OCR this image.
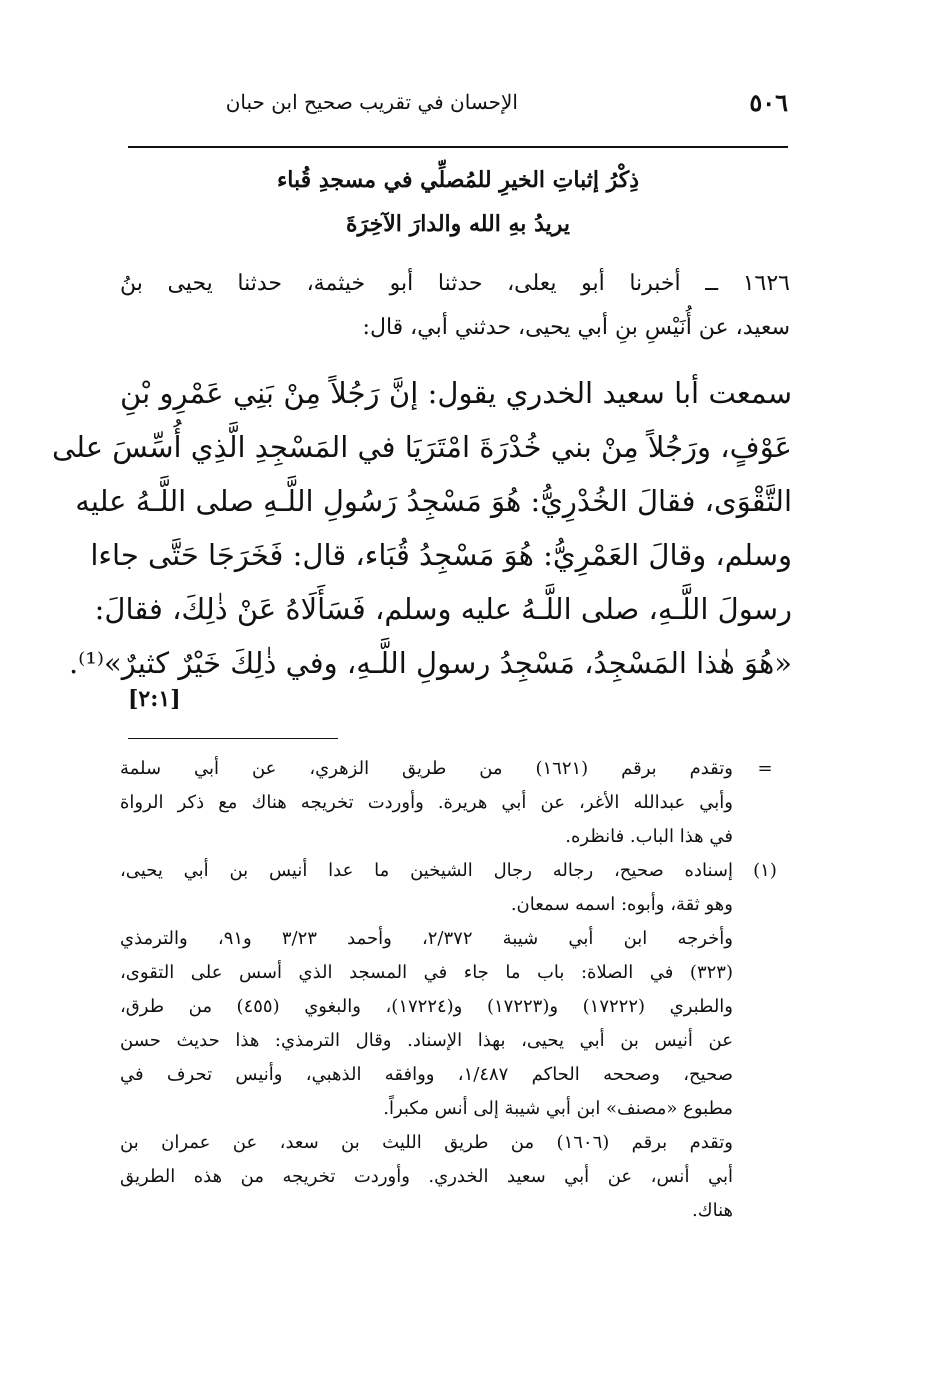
٥٠٦
الإحسان في تقريب صحيح ابن حبان
ذِكْرُ إثباتِ الخيرِ للمُصلِّي في مسجدِ قُباء
يريدُ بهِ الله والدارَ الآخِرَةَ
١٦٢٦ ــ أخبرنا أبو يعلى، حدثنا أبو خيثمة، حدثنا يحيى بنُ
سعيد، عن أُنَيْسِ بنِ أبي يحيى، حدثني أبي، قال:
سمعت أبا سعيد الخدري يقول: إنَّ رَجُلاً مِنْ بَنِي عَمْرِو بْنِ
عَوْفٍ، ورَجُلاً مِنْ بني خُدْرَةَ امْتَرَيَا في المَسْجِدِ الَّذِي أُسِّسَ على
التَّقْوَى، فقالَ الخُدْرِيُّ: هُوَ مَسْجِدُ رَسُولِ اللَّـهِ صلى اللَّـهُ عليه
وسلم، وقالَ العَمْرِيُّ: هُوَ مَسْجِدُ قُبَاء، قال: فَخَرَجَا حَتَّى جاءا
رسولَ اللَّـهِ، صلى اللَّـهُ عليه وسلم، فَسَأَلَاهُ عَنْ ذٰلِكَ، فقالَ:
«هُوَ هٰذا المَسْجِدُ، مَسْجِدُ رسولِ اللَّـهِ، وفي ذٰلِكَ خَيْرٌ كثيرٌ»⁽¹⁾.
[٢:١]
=
وتقدم برقم (١٦٢١) من طريق الزهري، عن أبي سلمة
وأبي عبدالله الأغر، عن أبي هريرة. وأوردت تخريجه هناك مع ذكر الرواة
في هذا الباب. فانظره.
(١)
إسناده صحيح، رجاله رجال الشيخين ما عدا أنيس بن أبي يحيى،
وهو ثقة، وأبوه: اسمه سمعان.
وأخرجه ابن أبي شيبة ٢/٣٧٢، وأحمد ٣/٢٣ و٩١، والترمذي
(٣٢٣) في الصلاة: باب ما جاء في المسجد الذي أسس على التقوى،
والطبري (١٧٢٢٢) و(١٧٢٢٣) و(١٧٢٢٤)، والبغوي (٤٥٥) من طرق،
عن أنيس بن أبي يحيى، بهذا الإسناد. وقال الترمذي: هذا حديث حسن
صحيح، وصححه الحاكم ١/٤٨٧، ووافقه الذهبي، وأنيس تحرف في
مطبوع «مصنف» ابن أبي شيبة إلى أنس مكبراً.
وتقدم برقم (١٦٠٦) من طريق الليث بن سعد، عن عمران بن
أبي أنس، عن أبي سعيد الخدري. وأوردت تخريجه من هذه الطريق
هناك.
